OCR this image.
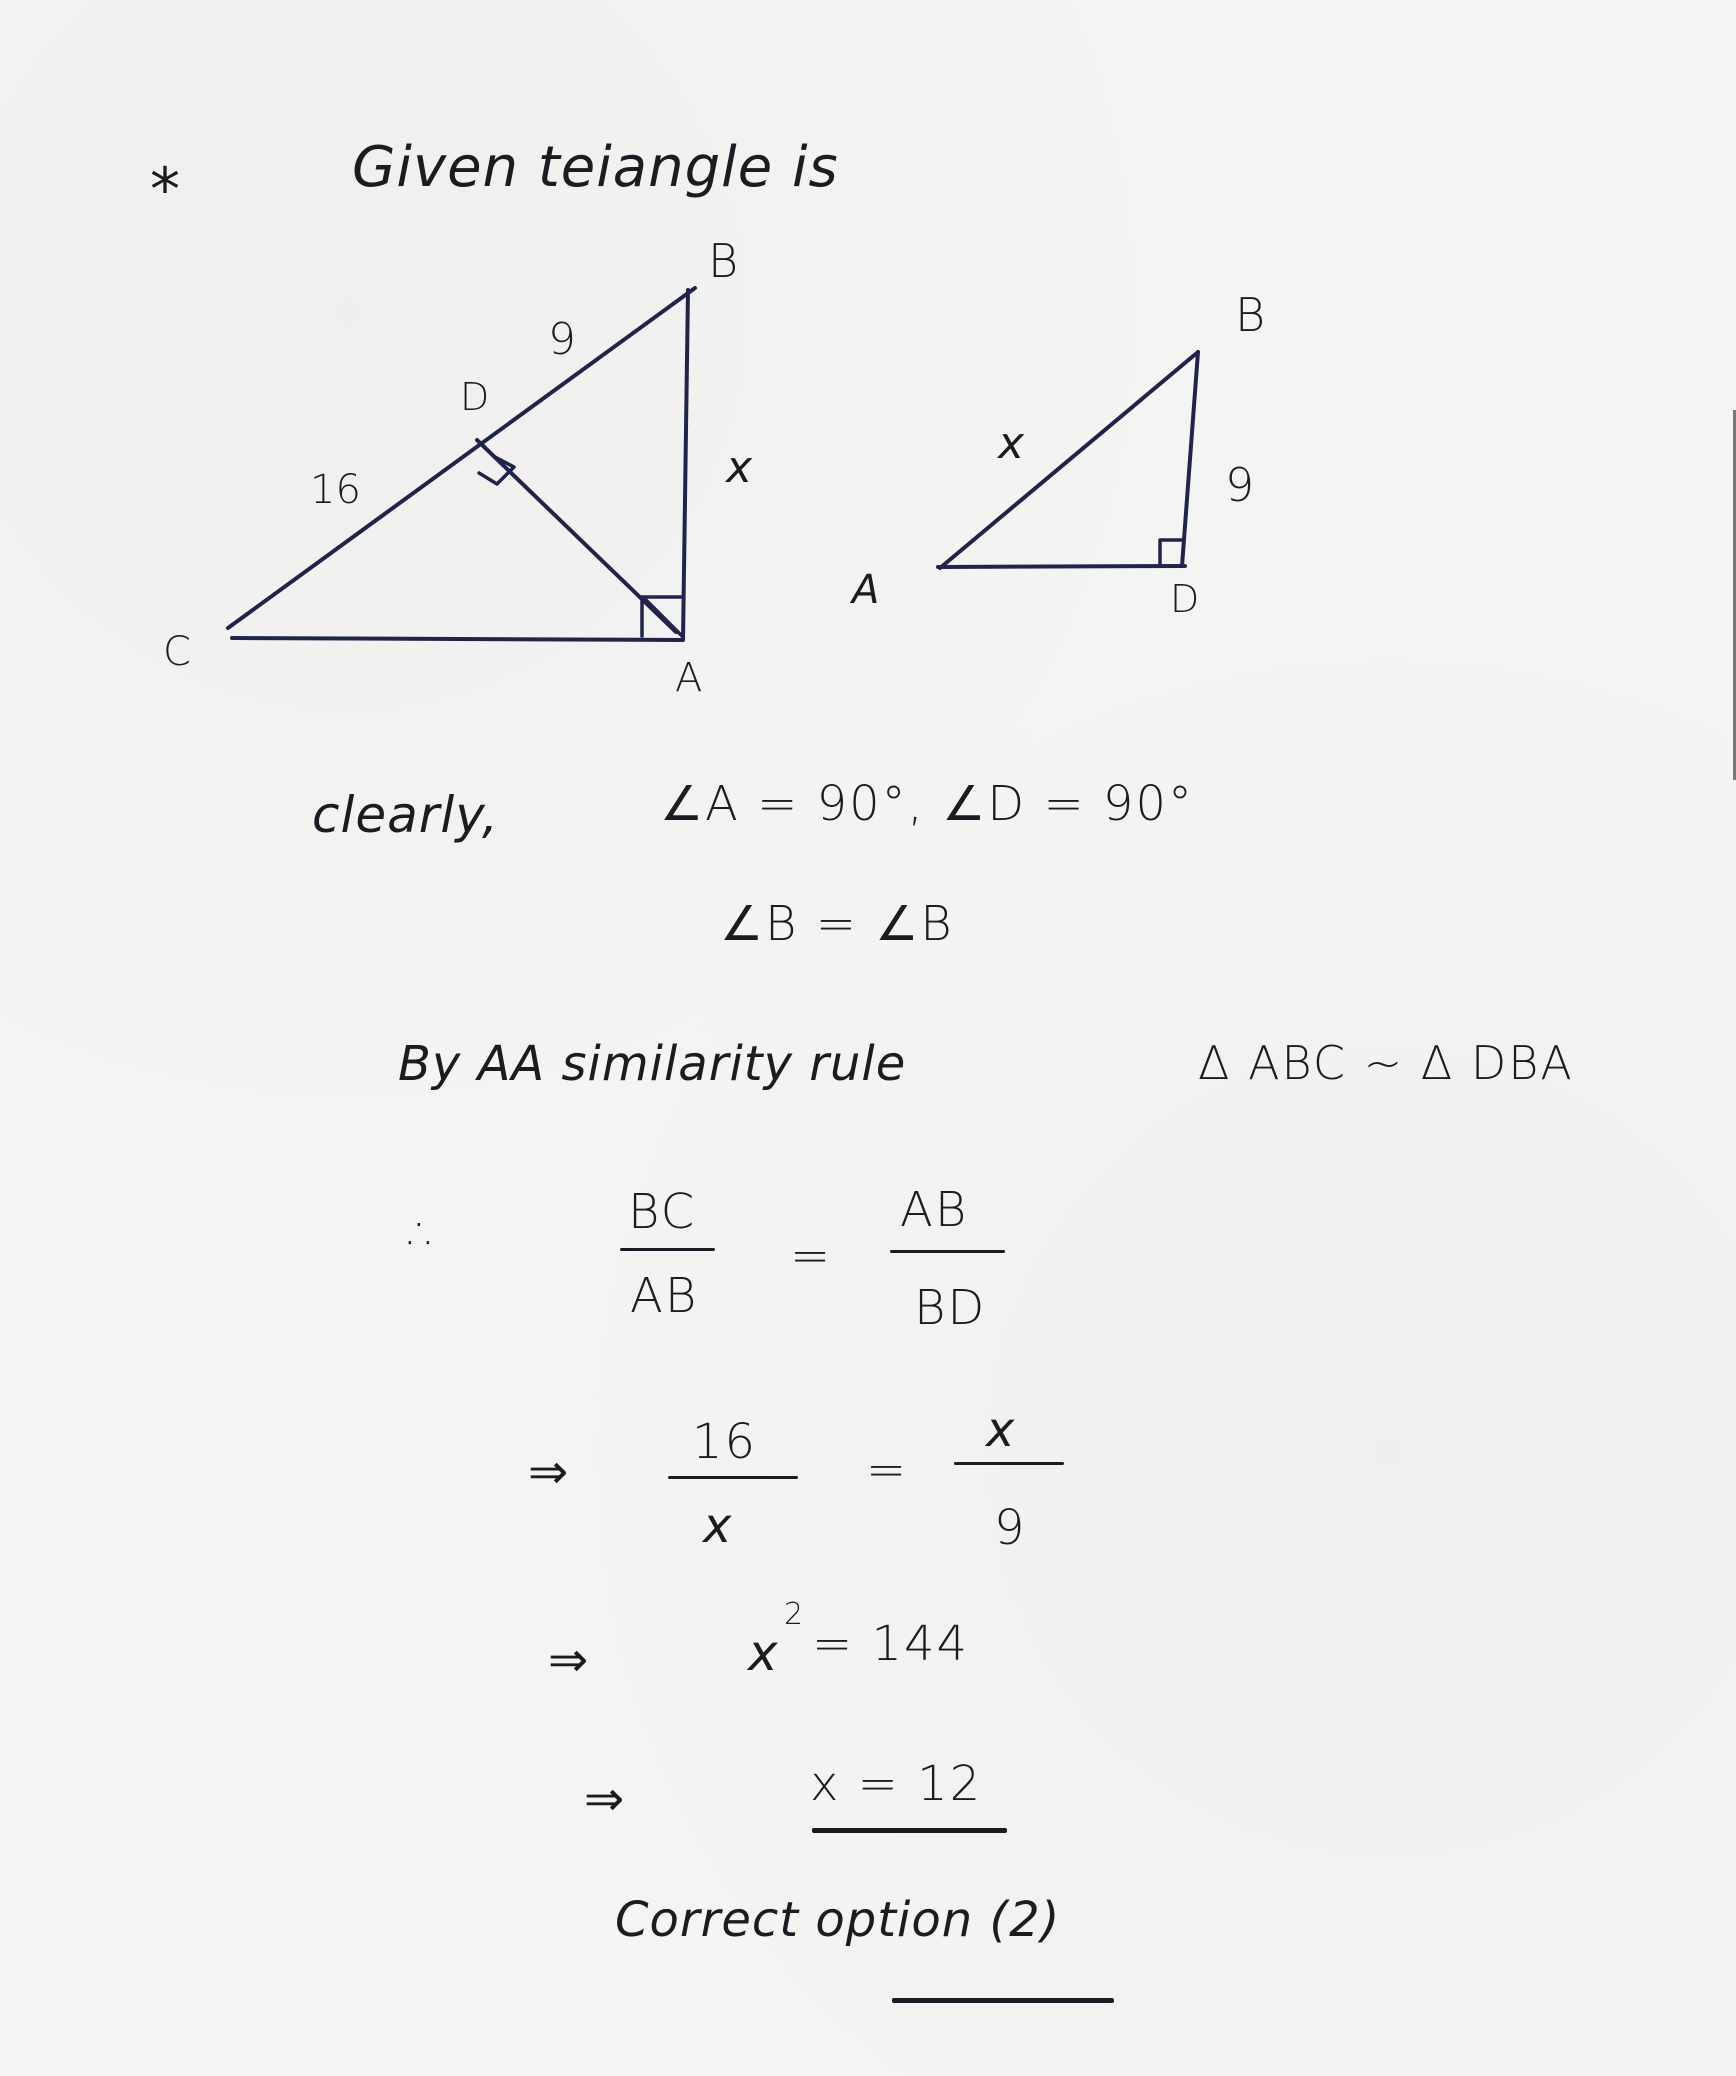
*	Given teiangle is
B
D
C
A
9
16	x
B
A	D
x
9
clearly,	∠A = 90°, ∠D = 90°
∠B = ∠B
By AA similarity rule	Δ ABC ~ Δ DBA
∴	BC
AB
=
AB
BD
⇒
16
x
=
x
9
⇒	x
2
= 144
⇒	x = 12
Correct option (2)
